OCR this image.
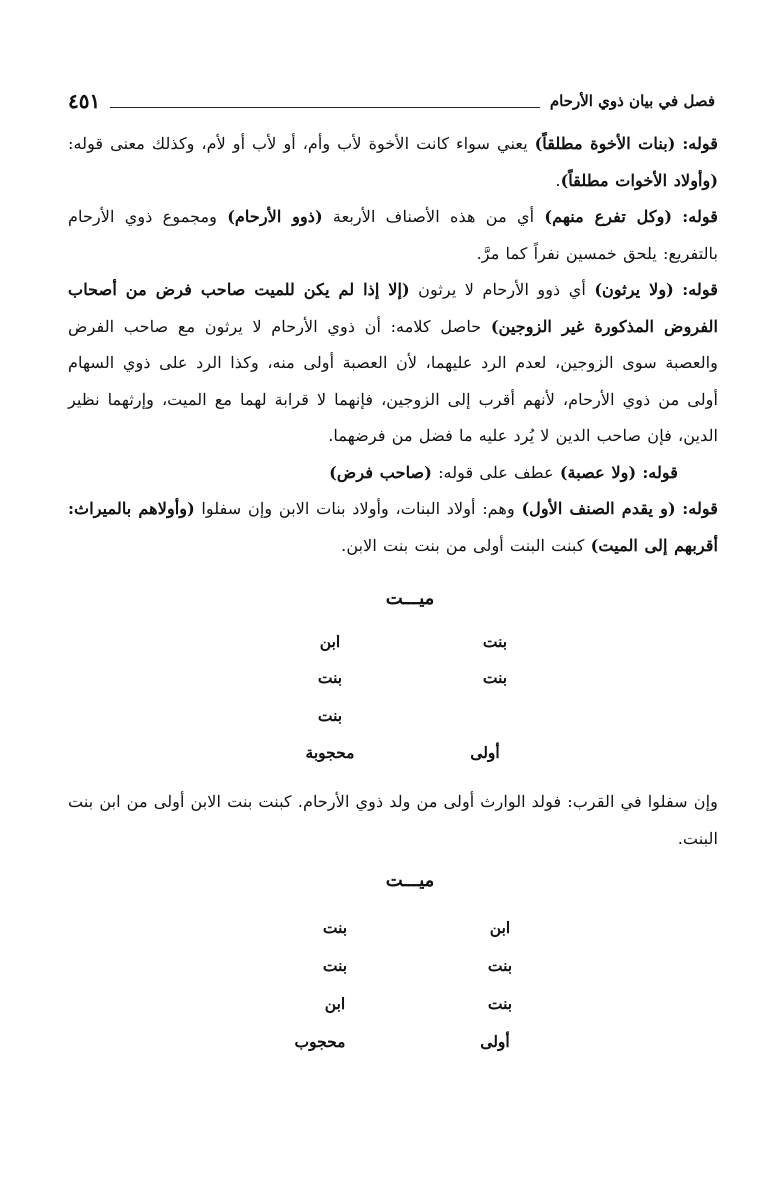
فصل في بيان ذوي الأرحام
٤٥١

قوله: (بنات الأخوة مطلقاً) يعني سواء كانت الأخوة لأب وأم، أو لأب أو لأم، وكذلك معنى قوله: (وأولاد الأخوات مطلقاً).

قوله: (وكل تفرع منهم) أي من هذه الأصناف الأربعة (ذوو الأرحام) ومجموع ذوي الأرحام بالتفريع: يلحق خمسين نفراً كما مرَّ.

قوله: (ولا يرثون) أي ذوو الأرحام لا يرثون (إلا إذا لم يكن للميت صاحب فرض من أصحاب الفروض المذكورة غير الزوجين) حاصل كلامه: أن ذوي الأرحام لا يرثون مع صاحب الفرض والعصبة سوى الزوجين، لعدم الرد عليهما، لأن العصبة أولى منه، وكذا الرد على ذوي السهام أولى من ذوي الأرحام، لأنهم أقرب إلى الزوجين، فإنهما لا قرابة لهما مع الميت، وإرثهما نظير الدين، فإن صاحب الدين لا يُرد عليه ما فضل من فرضهما.

قوله: (ولا عصبة) عطف على قوله: (صاحب فرض)

قوله: (و يقدم الصنف الأول) وهم: أولاد البنات، وأولاد بنات الابن وإن سفلوا (وأولاهم بالميراث: أقربهم إلى الميت) كبنت البنت أولى من بنت بنت الابن.

ميـــت
بنت
بنت
أولى
ابن
بنت
بنت
محجوبة

وإن سفلوا في القرب: فولد الوارث أولى من ولد ذوي الأرحام. كبنت بنت الابن أولى من ابن بنت البنت.

ميـــت
ابن
بنت
بنت
أولى
بنت
بنت
ابن
محجوب
